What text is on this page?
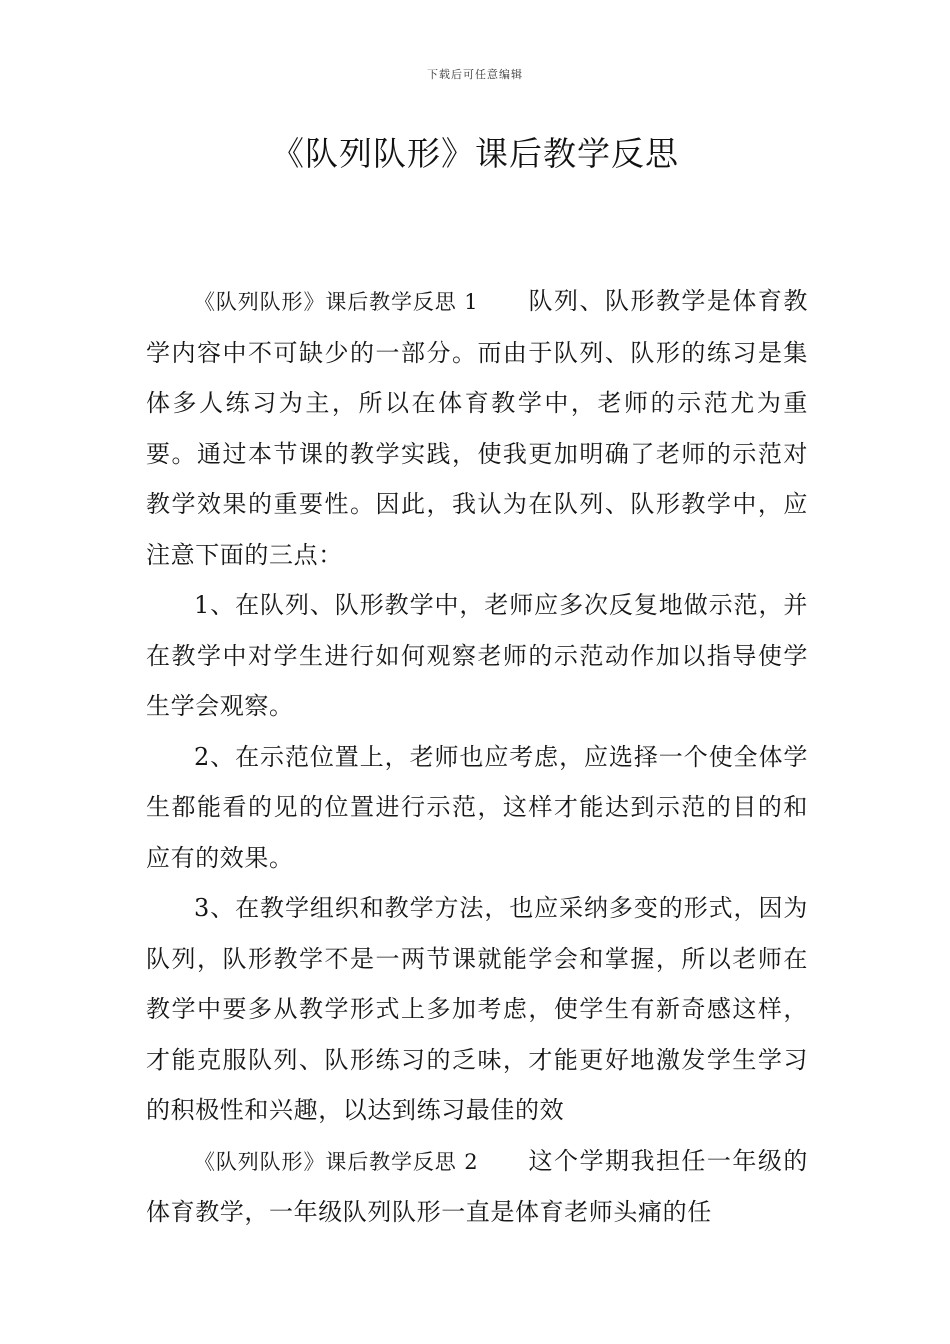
下载后可任意编辑
《队列队形》课后教学反思

《队列队形》课后教学反思 1 队列、队形教学是体育教学内容中不可缺少的一部分。而由于队列、队形的练习是集体多人练习为主，所以在体育教学中，老师的示范尤为重要。通过本节课的教学实践，使我更加明确了老师的示范对教学效果的重要性。因此，我认为在队列、队形教学中，应注意下面的三点：

1、在队列、队形教学中，老师应多次反复地做示范，并在教学中对学生进行如何观察老师的示范动作加以指导使学生学会观察。

2、在示范位置上，老师也应考虑，应选择一个使全体学生都能看的见的位置进行示范，这样才能达到示范的目的和应有的效果。

3、在教学组织和教学方法，也应采纳多变的形式，因为队列，队形教学不是一两节课就能学会和掌握，所以老师在教学中要多从教学形式上多加考虑，使学生有新奇感这样，才能克服队列、队形练习的乏味，才能更好地激发学生学习的积极性和兴趣，以达到练习最佳的效

《队列队形》课后教学反思 2 这个学期我担任一年级的体育教学，一年级队列队形一直是体育老师头痛的任
